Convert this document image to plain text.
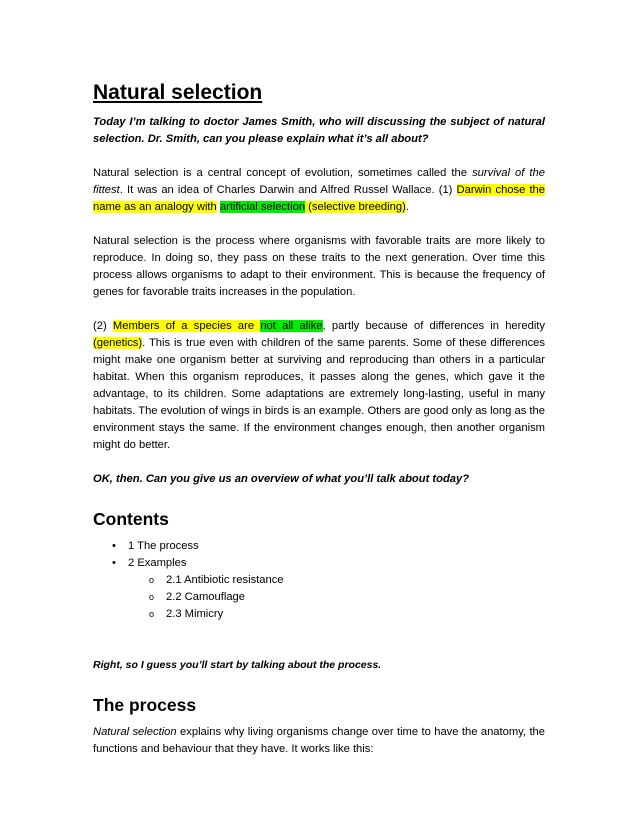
Natural selection

Today I’m talking to doctor James Smith, who will discussing the subject of natural selection. Dr. Smith, can you please explain what it’s all about?

Natural selection is a central concept of evolution, sometimes called the survival of the fittest. It was an idea of Charles Darwin and Alfred Russel Wallace. (1) Darwin chose the name as an analogy with artificial selection (selective breeding).

Natural selection is the process where organisms with favorable traits are more likely to reproduce. In doing so, they pass on these traits to the next generation. Over time this process allows organisms to adapt to their environment. This is because the frequency of genes for favorable traits increases in the population.

(2) Members of a species are not all alike, partly because of differences in heredity (genetics). This is true even with children of the same parents. Some of these differences might make one organism better at surviving and reproducing than others in a particular habitat. When this organism reproduces, it passes along the genes, which gave it the advantage, to its children. Some adaptations are extremely long-lasting, useful in many habitats. The evolution of wings in birds is an example. Others are good only as long as the environment stays the same. If the environment changes enough, then another organism might do better.

OK, then. Can you give us an overview of what you’ll talk about today?

Contents
• 1 The process
• 2 Examples
o 2.1 Antibiotic resistance
o 2.2 Camouflage
o 2.3 Mimicry

Right, so I guess you’ll start by talking about the process.

The process

Natural selection explains why living organisms change over time to have the anatomy, the functions and behaviour that they have. It works like this:
